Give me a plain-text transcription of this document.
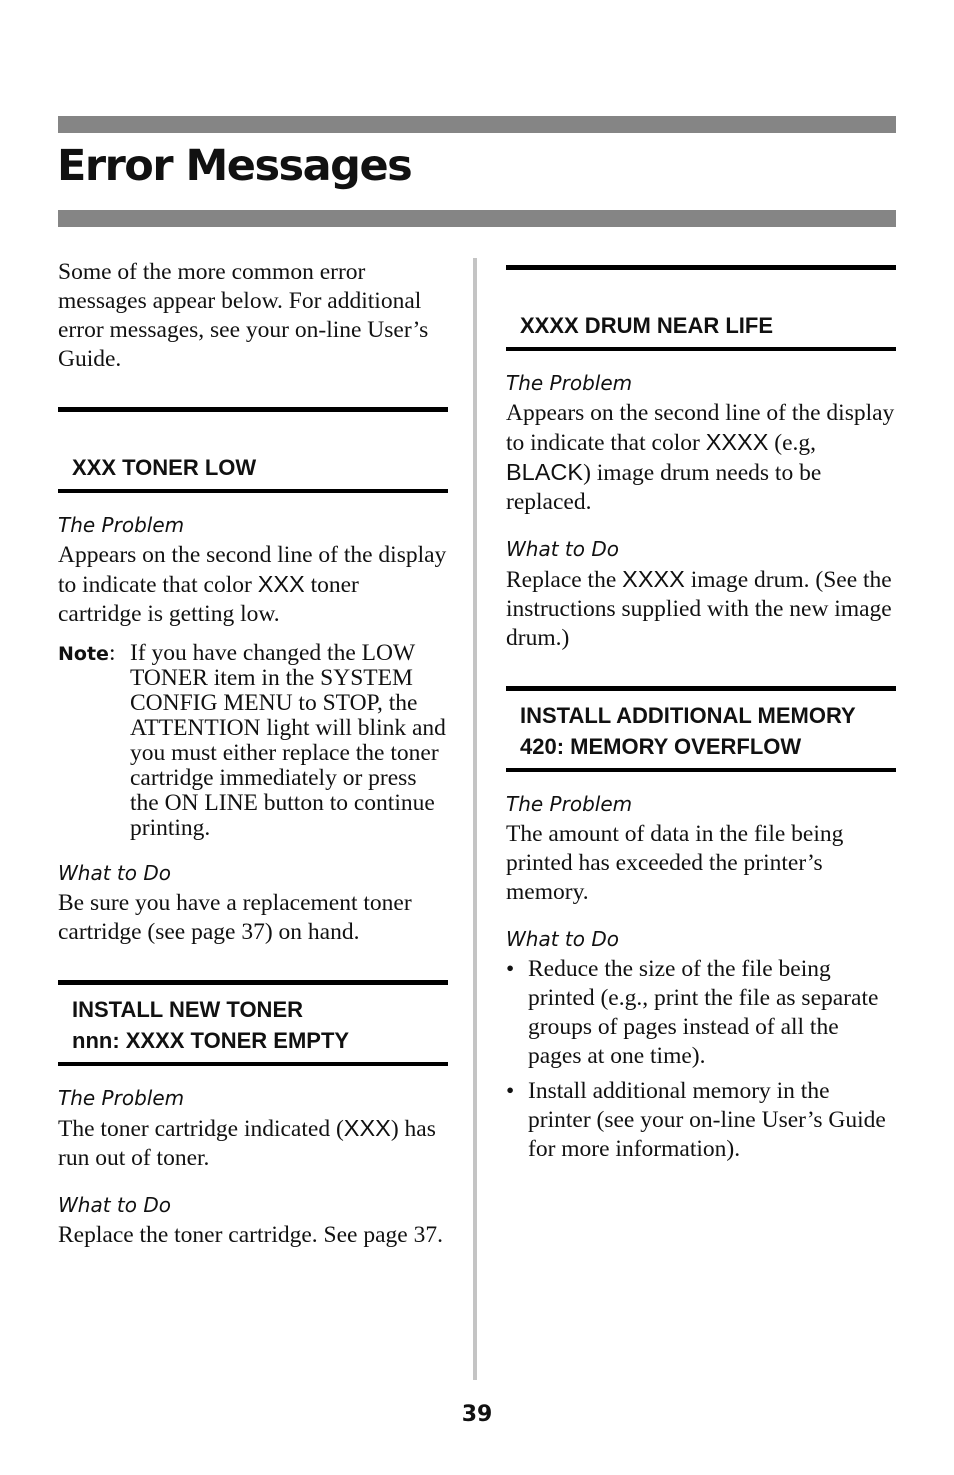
Error Messages

Some of the more common error messages appear below. For additional error messages, see your on-line User’s Guide.

XXX TONER LOW

The Problem

Appears on the second line of the display to indicate that color XXX toner cartridge is getting low.

Note: If you have changed the LOW TONER item in the SYSTEM CONFIG MENU to STOP, the ATTENTION light will blink and you must either replace the toner cartridge immediately or press the ON LINE button to continue printing.

What to Do

Be sure you have a replacement toner cartridge (see page 37) on hand.

INSTALL NEW TONER
nnn: XXXX TONER EMPTY

The Problem

The toner cartridge indicated (XXX) has run out of toner.

What to Do

Replace the toner cartridge. See page 37.

XXXX DRUM NEAR LIFE

The Problem

Appears on the second line of the display to indicate that color XXXX (e.g, BLACK) image drum needs to be replaced.

What to Do

Replace the XXXX image drum. (See the instructions supplied with the new image drum.)

INSTALL ADDITIONAL MEMORY
420: MEMORY OVERFLOW

The Problem

The amount of data in the file being printed has exceeded the printer’s memory.

What to Do

• Reduce the size of the file being printed (e.g., print the file as separate groups of pages instead of all the pages at one time).
• Install additional memory in the printer (see your on-line User’s Guide for more information).
39
